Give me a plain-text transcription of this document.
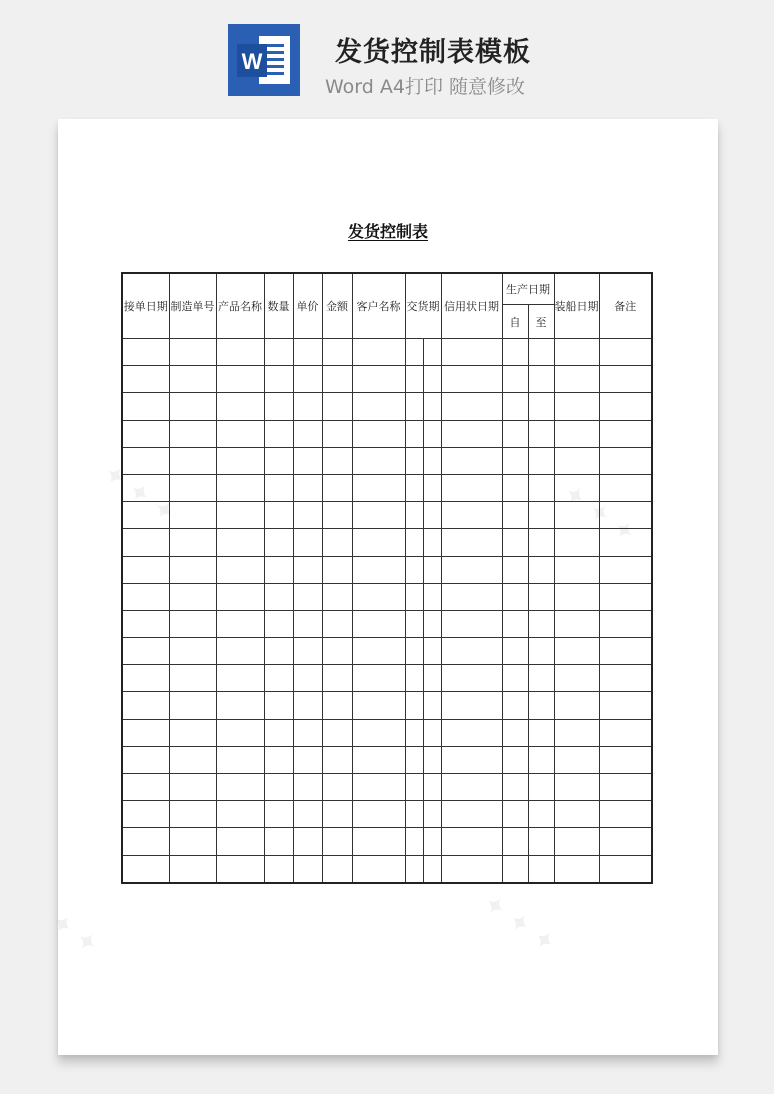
W	发货控制表模板
Word A4打印 随意修改
✦ ✦ ✦	✦ ✦ ✦
✦ ✦	✦ ✦ ✦
发货控制表
接单日期	制造单号	产品名称	数量	单价	金额	客户名称	交货期		信用状日期	生产日期		装船日期	备注
										自	至		
